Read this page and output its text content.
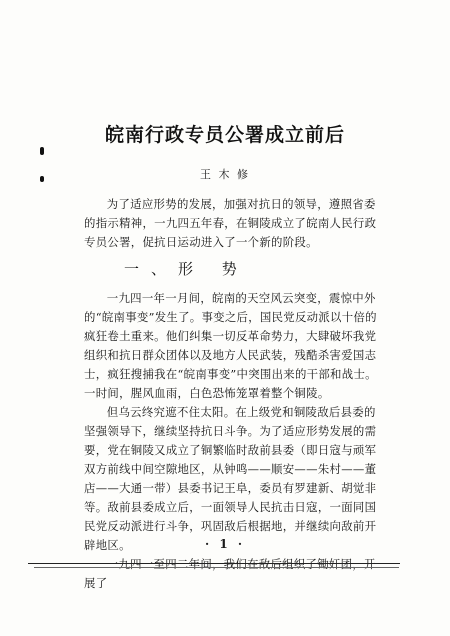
皖南行政专员公署成立前后
王 木 修

为了适应形势的发展，加强对抗日的领导，遵照省委的指示精神，一九四五年春，在铜陵成立了皖南人民行政专员公署，促抗日运动进入了一个新的阶段。

一、形 势

一九四一年一月间，皖南的天空风云突变，震惊中外的“皖南事变”发生了。事变之后，国民党反动派以十倍的疯狂卷土重来。他们纠集一切反革命势力，大肆破坏我党组织和抗日群众团体以及地方人民武装，残酷杀害爱国志士，疯狂搜捕我在“皖南事变”中突围出来的干部和战士。一时间，腥风血雨，白色恐怖笼罩着整个铜陵。

但乌云终究遮不住太阳。在上级党和铜陵敌后县委的坚强领导下，继续坚持抗日斗争。为了适应形势发展的需要，党在铜陵又成立了铜繁临时敌前县委（即日寇与顽军双方前线中间空隙地区，从钟鸣——顺安——朱村——董店——大通一带）县委书记王阜，委员有罗建新、胡觉非等。敌前县委成立后，一面领导人民抗击日寇，一面同国民党反动派进行斗争，巩固敌后根据地，并继续向敌前开辟地区。

一九四一至四二年间，我们在敌后组织了锄奸团，开展了

· 1 ·
